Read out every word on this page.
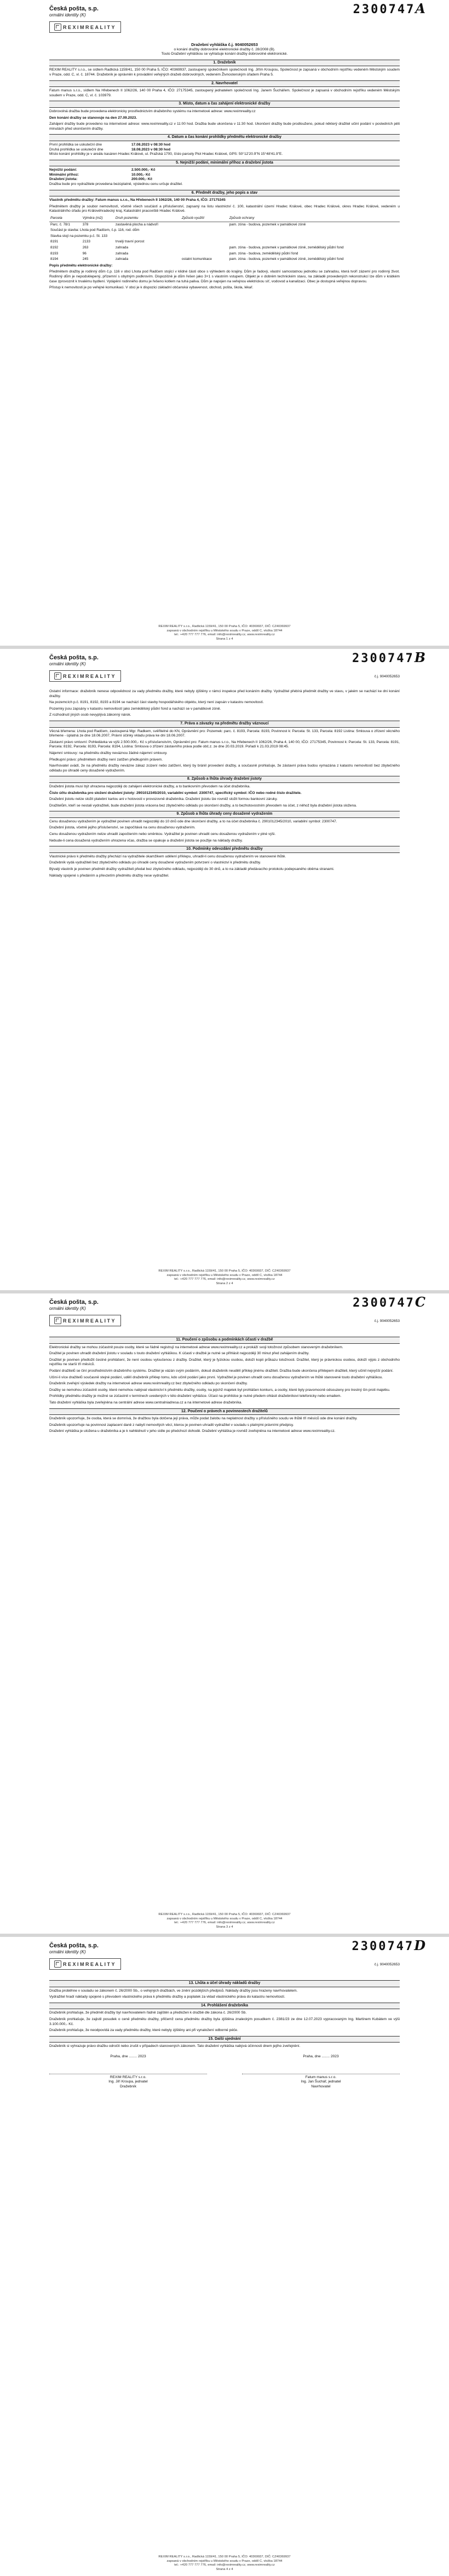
Česká pošta, s.p.
ormálni identity (K)	2300747A
REXIMREALITY
Dražební vyhláška č.j. 9040052653
o konání dražby dobrovolné elektronické dražby č. 28/2008 (B).
Touto Dražební vyhláškou se vyhlašuje konání dražby dobrovolné elektronické.
1. Dražebník

REXIM REALITY s.r.o., se sídlem Radlická 1159/41, 150 00 Praha 5, IČO: 40369937, zastoupený společníkem společnosti Ing. Jiřím Kroupou, Společnost je zapsaná v obchodním rejstříku vedeném Městským soudem v Praze, odd. C, vl. č. 18744. Dražebník je oprávněn k provádění veřejných dražeb dobrovolných, vedeném Živnostenským úřadem Praha 5.

2. Navrhovatel

Fatum manus s.r.o., sídlem Na Hřebenech II 1062/26, 140 00 Praha 4, IČO: 27175345, zastoupený jednatelem společnosti Ing. Janem Šuchářem. Společnost je zapsaná v obchodním rejstříku vedeném Městským soudem v Praze, odd. C, vl. č. 103979.

3. Místo, datum a čas zahájení elektronické dražby

Dobrovolná dražba bude provedena elektronicky prostřednictvím dražebního systému na internetové adrese: www.reximreality.cz

Den konání dražby se stanovuje na den 27.09.2023.

Zahájení dražby bude provedeno na internetové adrese: www.reximreality.cz v 11:00 hod. Dražba bude ukončena v 11:30 hod. Ukončení dražby bude prodlouženo, pokud některý dražitel učiní podání v posledních pěti minutách před ukončením dražby.

4. Datum a čas konání prohlídky předmětu elektronické dražby
První prohlídka se uskuteční dne	17.08.2023 v 08:30 hod
Druhá prohlídka se uskuteční dne	18.08.2023 v 08:30 hod

Místo konání prohlídky je v areálu kasáren Hradec Králové, ul. Pražská 1700, číslo parcely Plot Hradec Králové, GPS: 50°12'20.9"N 15°48'41.9"E.

5. Nejnižší podání, minimální příhoz a dražební jistota
Nejnižší podání:	2.500.000,- Kč
Minimální příhoz:	10.000,- Kč
Dražební jistota:	200.000,- Kč

Dražba bude pro vydražitele provedena bezúplatně, výslednou cenu určuje dražitel.

6. Předmět dražby, jeho popis a stav

Vlastník předmětu dražby: Fatum manus s.r.o., Na Hřebenech II 1062/26, 140 00 Praha 4, IČO: 27175345

Předmětem dražby je soubor nemovitostí, včetně všech součástí a příslušenství, zapsaný na listu vlastnictví č. 100, katastrální území Hradec Králové, obec Hradec Králové, okres Hradec Králové, vedeném u Katastrálního úřadu pro Královéhradecký kraj, Katastrální pracoviště Hradec Králové.

Parcela	Výměra (m2)	Druh pozemku	Způsob využití	Způsob ochrany
Parc. č. 78/1	378	zastavěná plocha a nádvoří		pam. zóna - budova, pozemek v památkové zóně
Součást je stavba: Lhota pod Radčem, č.p. 116, rod. dům				
Stavba stojí na pozemku p.č. St. 133				
8191	2133	trvalý travní porost		
8192	263	zahrada		pam. zóna - budova, pozemek v památkové zóně, zemědělský půdní fond
8193	96	zahrada		pam. zóna - budova, zemědělský půdní fond
8194	245	zahrada	ostatní komunikace	pam. zóna - budova, pozemek v památkové zóně, zemědělský půdní fond

Popis předmětu elektronické dražby:

Předmětem dražby je rodinný dům č.p. 116 v obci Lhota pod Radčem stojící v klidné části obce s výhledem do krajiny. Dům je řadový, vlastní samostatnou jednotku se zahradou, která tvoří zázemí pro rodinný život. Rodinný dům je nepodsklepený, přízemní s obytným podkrovím. Dispozičně je dům řešen jako 3+1 s vlastním vstupem. Objekt je v dobrém technickém stavu, na základě provedených rekonstrukcí lze dům v krátkém čase zprovoznit k trvalému bydlení. Vytápění rodinného domu je řešeno kotlem na tuhá paliva. Dům je napojen na veřejnou elektrickou síť, vodovod a kanalizaci. Obec je dostupná veřejnou dopravou.

Přístup k nemovitosti je po veřejné komunikaci. V obci je k dispozici základní občanská vybavenost, obchod, pošta, škola, lékař.

REXIM REALITY s.r.o., Radlická 1159/41, 150 00 Praha 5, IČO: 40369937, DIČ: CZ40369937
zapsaná v obchodním rejstříku u Městského soudu v Praze, oddíl C, vložka 18744
tel.: +420 777 777 776, email: info@reximreality.cz, www.reximreality.cz
Strana 1 z 4
Česká pošta, s.p.
ormálni identity (K)	2300747B
REXIMREALITY	č.j. 9040052653

Ostatní informace: dražebník nenese odpovědnost za vady předmětu dražby, které nebyly zjištěny v rámci inspekce před konáním dražby. Vydražitel přebírá předmět dražby ve stavu, v jakém se nachází ke dni konání dražby.

Na pozemcích p.č. 8191, 8192, 8193 a 8194 se nachází část stavby hospodářského objektu, který není zapsán v katastru nemovitostí.

Pozemky jsou zapsány v katastru nemovitostí jako zemědělský půdní fond a nachází se v památkové zóně.

Z rozhodnutí jiných osob nevyplývá zákonný nárok.

7. Práva a závazky na předmětu dražby váznoucí

Věcná břemena: Lhota pod Radčem, zastoupená Mgr. Radkem, svěřitelné do KN, Oprávnění pro: Pozemek: parc. č. 8193, Parcela: 8193, Povinnost k: Parcela: St. 133, Parcela: 8192 Listina: Smlouva o zřízení věcného břemene - úplatná ze dne 18.06.2007, Právní účinky vkladu práva ke dni 18.06.2007.

Zástavní právo smluvní: Pohledávka ve výši 2.500.000,- Kč s příslušenstvím, Oprávnění pro: Fatum manus s.r.o., Na Hřebenech II 1062/26, Praha 4, 140 00, IČO: 27175345, Povinnost k: Parcela: St. 133, Parcela: 8191, Parcela: 8192, Parcela: 8193, Parcela: 8194, Listina: Smlouva o zřízení zástavního práva podle obč.z. ze dne 20.03.2019. Pořadí k 21.03.2019 08:45.

Nájemní smlouvy: na předmětu dražby neváznou žádné nájemní smlouvy.

Předkupní právo: předmětem dražby není zatížen předkupním právem.

Navrhovatel uvádí, že na předmětu dražby nevázne zákaz zcizení nebo zatížení, který by bránil provedení dražby, a současně prohlašuje, že zástavní práva budou vymazána z katastru nemovitostí bez zbytečného odkladu po úhradě ceny dosažené vydražením.

8. Způsob a lhůta úhrady dražební jistoty

Dražební jistota musí být uhrazena nejpozději do zahájení elektronické dražby, a to bankovním převodem na účet dražebníka.

Číslo účtu dražebníka pro složení dražební jistoty: 2901012345/2010, variabilní symbol: 2300747, specifický symbol: IČO nebo rodné číslo dražitele.

Dražební jistotu nelze složit platební kartou ani v hotovosti v provozovně dražebníka. Dražební jistotu lze rovněž složit formou bankovní záruky.

Dražitelům, kteří se nestali vydražiteli, bude dražební jistota vrácena bez zbytečného odkladu po skončení dražby, a to bezhotovostním převodem na účet, z něhož byla dražební jistota složena.

9. Způsob a lhůta úhrady ceny dosažené vydražením

Cenu dosaženou vydražením je vydražitel povinen uhradit nejpozději do 10 dnů ode dne skončení dražby, a to na účet dražebníka č. 2901012345/2010, variabilní symbol: 2300747.

Dražební jistota, včetně jejího příslušenství, se započítává na cenu dosaženou vydražením.

Cenu dosaženou vydražením nelze uhradit započtením nebo směnkou. Vydražitel je povinen uhradit cenu dosaženou vydražením v plné výši.

Nebude-li cena dosažená vydražením uhrazena včas, dražba se opakuje a dražební jistota se použije na náklady dražby.

10. Podmínky odevzdání předmětu dražby

Vlastnické právo k předmětu dražby přechází na vydražitele okamžikem udělení příklepu, uhradil-li cenu dosaženou vydražením ve stanovené lhůtě.

Dražebník vydá vydražiteli bez zbytečného odkladu po úhradě ceny dosažené vydražením potvrzení o vlastnictví k předmětu dražby.

Bývalý vlastník je povinen předmět dražby vydražiteli předat bez zbytečného odkladu, nejpozději do 30 dnů, a to na základě předávacího protokolu podepsaného oběma stranami.

Náklady spojené s předáním a převzetím předmětu dražby nese vydražitel.

REXIM REALITY s.r.o., Radlická 1159/41, 150 00 Praha 5, IČO: 40369937, DIČ: CZ40369937
zapsaná v obchodním rejstříku u Městského soudu v Praze, oddíl C, vložka 18744
tel.: +420 777 777 776, email: info@reximreality.cz, www.reximreality.cz
Strana 2 z 4
Česká pošta, s.p.
ormálni identity (K)	2300747C
REXIMREALITY	č.j. 9040052653
11. Poučení o způsobu a podmínkách účasti v dražbě

Elektronické dražby se mohou zúčastnit pouze osoby, které se řádně registrují na internetové adrese www.reximreality.cz a prokáží svoji totožnost způsobem stanoveným dražebníkem.

Dražitel je povinen uhradit dražební jistotu v souladu s touto dražební vyhláškou. K účasti v dražbě je nutné se přihlásit nejpozději 30 minut před zahájením dražby.

Dražitel je povinen předložit čestné prohlášení, že není osobou vyloučenou z dražby. Dražitel, který je fyzickou osobou, doloží kopii průkazu totožnosti. Dražitel, který je právnickou osobou, doloží výpis z obchodního rejstříku ne starší tří měsíců.

Podání dražitelů se činí prostřednictvím dražebního systému. Dražitel je vázán svým podáním, dokud dražebník neudělí příklep jinému dražiteli. Dražba bude ukončena příklepem dražiteli, který učinil nejvyšší podání.

Učiní-li více dražitelů současně stejné podání, udělí dražebník příklep tomu, kdo učinil podání jako první. Vydražitel je povinen uhradit cenu dosaženou vydražením ve lhůtě stanovené touto dražební vyhláškou.

Dražebník zveřejní výsledek dražby na internetové adrese www.reximreality.cz bez zbytečného odkladu po skončení dražby.

Dražby se nemohou zúčastnit osoby, které nemohou nabývat vlastnictví k předmětu dražby, osoby, na jejichž majetek byl prohlášen konkurs, a osoby, které byly pravomocně odsouzeny pro trestný čin proti majetku.

Prohlídky předmětu dražby je možné se zúčastnit v termínech uvedených v této dražební vyhlášce. Účast na prohlídce je nutné předem ohlásit dražebníkovi telefonicky nebo emailem.

Tato dražební vyhláška byla zveřejněna na centrální adrese www.centralniadresa.cz a na internetové adrese dražebníka.

12. Poučení o právech a povinnostech dražitelů

Dražebník upozorňuje, že osoba, která se domnívá, že dražbou byla dotčena její práva, může podat žalobu na neplatnost dražby u příslušného soudu ve lhůtě tří měsíců ode dne konání dražby.

Dražebník upozorňuje na povinnost zaplacení daně z nabytí nemovitých věcí, kterou je povinen uhradit vydražitel v souladu s platnými právními předpisy.

Dražební vyhláška je uložena u dražebníka a je k nahlédnutí v jeho sídle po předchozí dohodě. Dražební vyhláška je rovněž zveřejněna na internetové adrese www.reximreality.cz.

REXIM REALITY s.r.o., Radlická 1159/41, 150 00 Praha 5, IČO: 40369937, DIČ: CZ40369937
zapsaná v obchodním rejstříku u Městského soudu v Praze, oddíl C, vložka 18744
tel.: +420 777 777 776, email: info@reximreality.cz, www.reximreality.cz
Strana 3 z 4
Česká pošta, s.p.
ormálni identity (K)	2300747D
REXIMREALITY	č.j. 9040052653
13. Lhůta a účel úhrady nákladů dražby

Dražba proběhne v souladu se zákonem č. 26/2000 Sb., o veřejných dražbách, ve znění pozdějších předpisů. Náklady dražby jsou hrazeny navrhovatelem.

Vydražitel hradí náklady spojené s převodem vlastnického práva k předmětu dražby a poplatek za vklad vlastnického práva do katastru nemovitostí.

14. Prohlášení dražebníka

Dražebník prohlašuje, že předmět dražby byl navrhovatelem řádně zajištěn a předložen k dražbě dle zákona č. 26/2000 Sb.

Dražebník prohlašuje, že zajistil posudek o ceně předmětu dražby, přičemž cena předmětu dražby byla zjištěna znaleckým posudkem č. 2381/23 ze dne 12.07.2023 vypracovaným Ing. Martinem Kubátem ve výši 3.100.000,- Kč.

Dražebník prohlašuje, že neodpovídá za vady předmětu dražby, které nebyly zjištěny ani při vynaložení odborné péče.

15. Další ujednání

Dražebník si vyhrazuje právo dražbu odročit nebo zrušit v případech stanovených zákonem. Tato dražební vyhláška nabývá účinnosti dnem jejího zveřejnění.

Praha, dne ........ 2023
REXIM REALITY s.r.o.
Ing. Jiří Kroupa, jednatel
Dražebník
Praha, dne ........ 2023
Fatum manus s.r.o.
Ing. Jan Šuchář, jednatel
Navrhovatel
REXIM REALITY s.r.o., Radlická 1159/41, 150 00 Praha 5, IČO: 40369937, DIČ: CZ40369937
zapsaná v obchodním rejstříku u Městského soudu v Praze, oddíl C, vložka 18744
tel.: +420 777 777 776, email: info@reximreality.cz, www.reximreality.cz
Strana 4 z 4
